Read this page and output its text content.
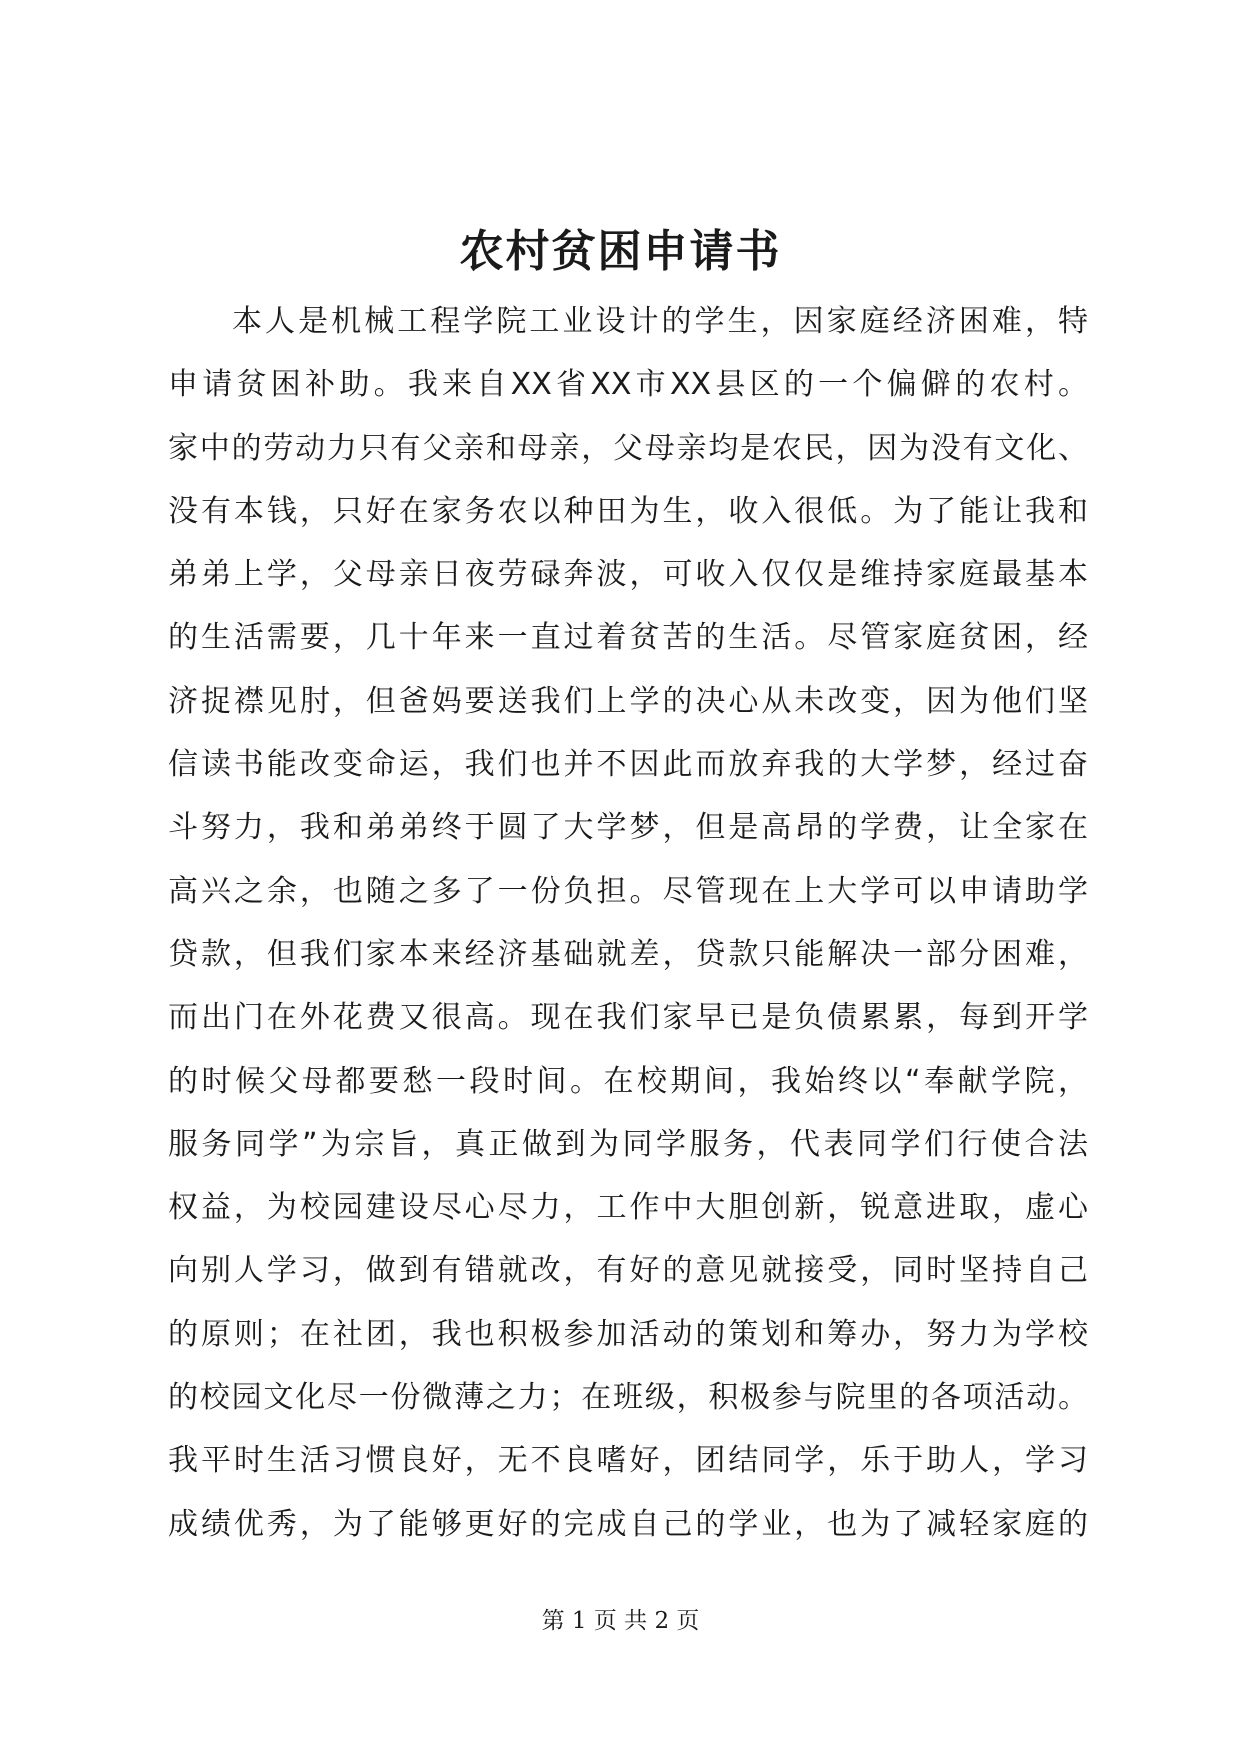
农村贫困申请书
本人是机械工程学院工业设计的学生，因家庭经济困难，特
申请贫困补助。我来自XX省XX市XX县区的一个偏僻的农村。
家中的劳动力只有父亲和母亲，父母亲均是农民，因为没有文化、
没有本钱，只好在家务农以种田为生，收入很低。为了能让我和
弟弟上学，父母亲日夜劳碌奔波，可收入仅仅是维持家庭最基本
的生活需要，几十年来一直过着贫苦的生活。尽管家庭贫困，经
济捉襟见肘，但爸妈要送我们上学的决心从未改变，因为他们坚
信读书能改变命运，我们也并不因此而放弃我的大学梦，经过奋
斗努力，我和弟弟终于圆了大学梦，但是高昂的学费，让全家在
高兴之余，也随之多了一份负担。尽管现在上大学可以申请助学
贷款，但我们家本来经济基础就差，贷款只能解决一部分困难，
而出门在外花费又很高。现在我们家早已是负债累累，每到开学
的时候父母都要愁一段时间。在校期间，我始终以“奉献学院，
服务同学”为宗旨，真正做到为同学服务，代表同学们行使合法
权益，为校园建设尽心尽力，工作中大胆创新，锐意进取，虚心
向别人学习，做到有错就改，有好的意见就接受，同时坚持自己
的原则；在社团，我也积极参加活动的策划和筹办，努力为学校
的校园文化尽一份微薄之力；在班级，积极参与院里的各项活动。
我平时生活习惯良好，无不良嗜好，团结同学，乐于助人，学习
成绩优秀，为了能够更好的完成自己的学业，也为了减轻家庭的
第 1 页 共 2 页
